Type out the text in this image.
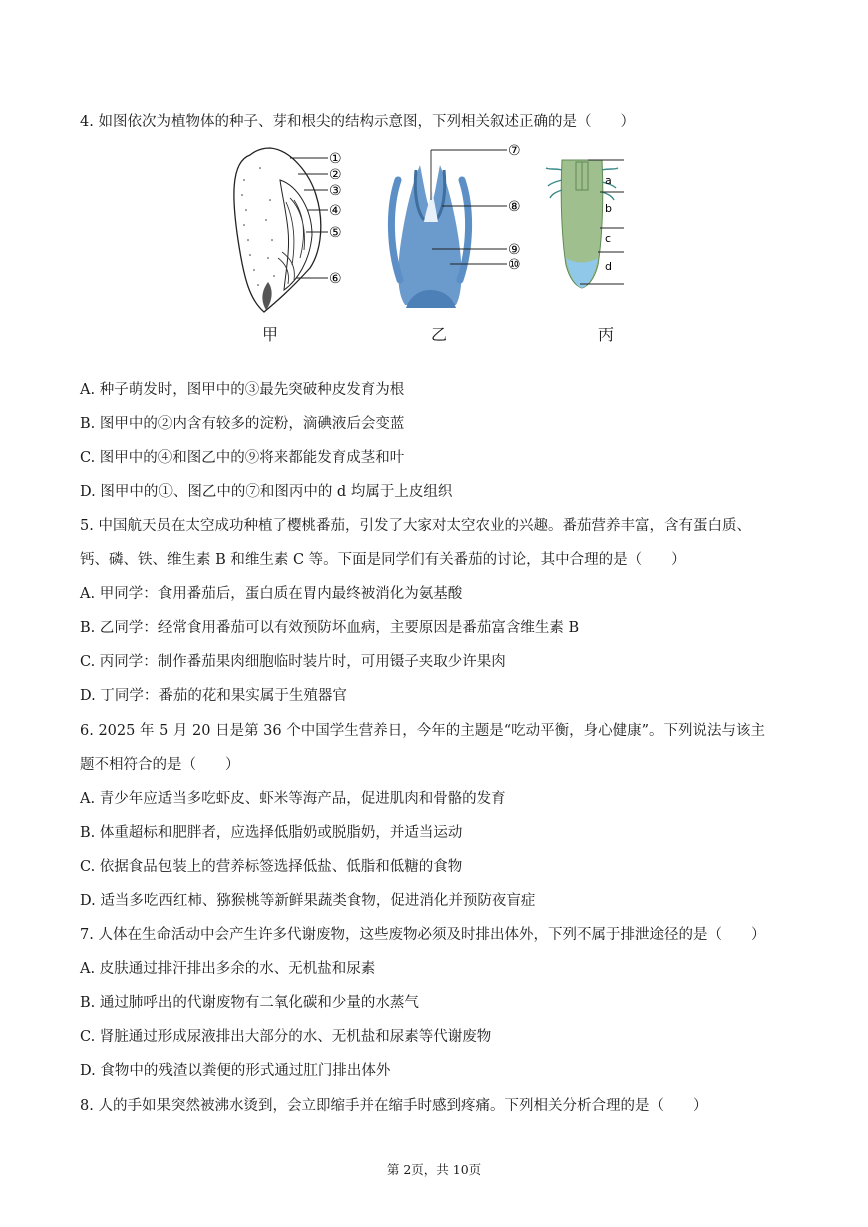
4. 如图依次为植物体的种子、芽和根尖的结构示意图，下列相关叙述正确的是（　　）
①
②
③
④
⑤
⑥
⑦
⑧
⑨
⑩
a
b
c
d
甲	乙	丙
A. 种子萌发时，图甲中的③最先突破种皮发育为根
B. 图甲中的②内含有较多的淀粉，滴碘液后会变蓝
C. 图甲中的④和图乙中的⑨将来都能发育成茎和叶
D. 图甲中的①、图乙中的⑦和图丙中的 d 均属于上皮组织
5. 中国航天员在太空成功种植了樱桃番茄，引发了大家对太空农业的兴趣。番茄营养丰富，含有蛋白质、
钙、磷、铁、维生素 B 和维生素 C 等。下面是同学们有关番茄的讨论，其中合理的是（　　）
A. 甲同学：食用番茄后，蛋白质在胃内最终被消化为氨基酸
B. 乙同学：经常食用番茄可以有效预防坏血病，主要原因是番茄富含维生素 B
C. 丙同学：制作番茄果肉细胞临时装片时，可用镊子夹取少许果肉
D. 丁同学：番茄的花和果实属于生殖器官
6. 2025 年 5 月 20 日是第 36 个中国学生营养日，今年的主题是“吃动平衡，身心健康”。下列说法与该主
题不相符合的是（　　）
A. 青少年应适当多吃虾皮、虾米等海产品，促进肌肉和骨骼的发育
B. 体重超标和肥胖者，应选择低脂奶或脱脂奶，并适当运动
C. 依据食品包装上的营养标签选择低盐、低脂和低糖的食物
D. 适当多吃西红柿、猕猴桃等新鲜果蔬类食物，促进消化并预防夜盲症
7. 人体在生命活动中会产生许多代谢废物，这些废物必须及时排出体外，下列不属于排泄途径的是（　　）
A. 皮肤通过排汗排出多余的水、无机盐和尿素
B. 通过肺呼出的代谢废物有二氧化碳和少量的水蒸气
C. 肾脏通过形成尿液排出大部分的水、无机盐和尿素等代谢废物
D. 食物中的残渣以粪便的形式通过肛门排出体外
8. 人的手如果突然被沸水烫到，会立即缩手并在缩手时感到疼痛。下列相关分析合理的是（　　）
第 2页，共 10页
